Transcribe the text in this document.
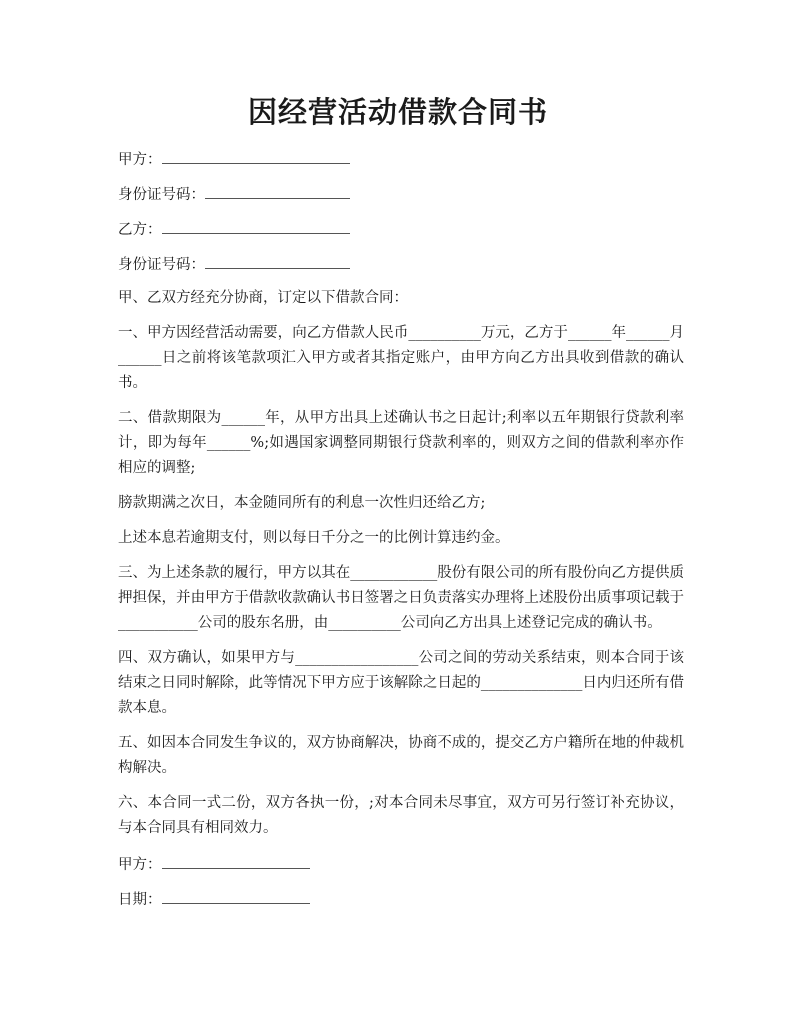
因经营活动借款合同书
甲方：
身份证号码：
乙方：
身份证号码：

甲、乙双方经充分协商，订定以下借款合同：

一、甲方因经营活动需要，向乙方借款人民币__________万元，乙方于______年______月______日之前将该笔款项汇入甲方或者其指定账户，由甲方向乙方出具收到借款的确认书。

二、借款期限为______年，从甲方出具上述确认书之日起计;利率以五年期银行贷款利率计，即为每年______%;如遇国家调整同期银行贷款利率的，则双方之间的借款利率亦作相应的调整;

膀款期满之次日，本金随同所有的利息一次性归还给乙方;

上述本息若逾期支付，则以每日千分之一的比例计算违约金。

三、为上述条款的履行，甲方以其在____________股份有限公司的所有股份向乙方提供质押担保，并由甲方于借款收款确认书日签署之日负责落实办理将上述股份出质事项记载于___________公司的股东名册，由__________公司向乙方出具上述登记完成的确认书。

四、双方确认，如果甲方与_________________公司之间的劳动关系结束，则本合同于该结束之日同时解除，此等情况下甲方应于该解除之日起的______________日内归还所有借款本息。

五、如因本合同发生争议的，双方协商解决，协商不成的，提交乙方户籍所在地的仲裁机构解决。

六、本合同一式二份，双方各执一份，;对本合同未尽事宜，双方可另行签订补充协议，与本合同具有相同效力。

甲方：
日期：
